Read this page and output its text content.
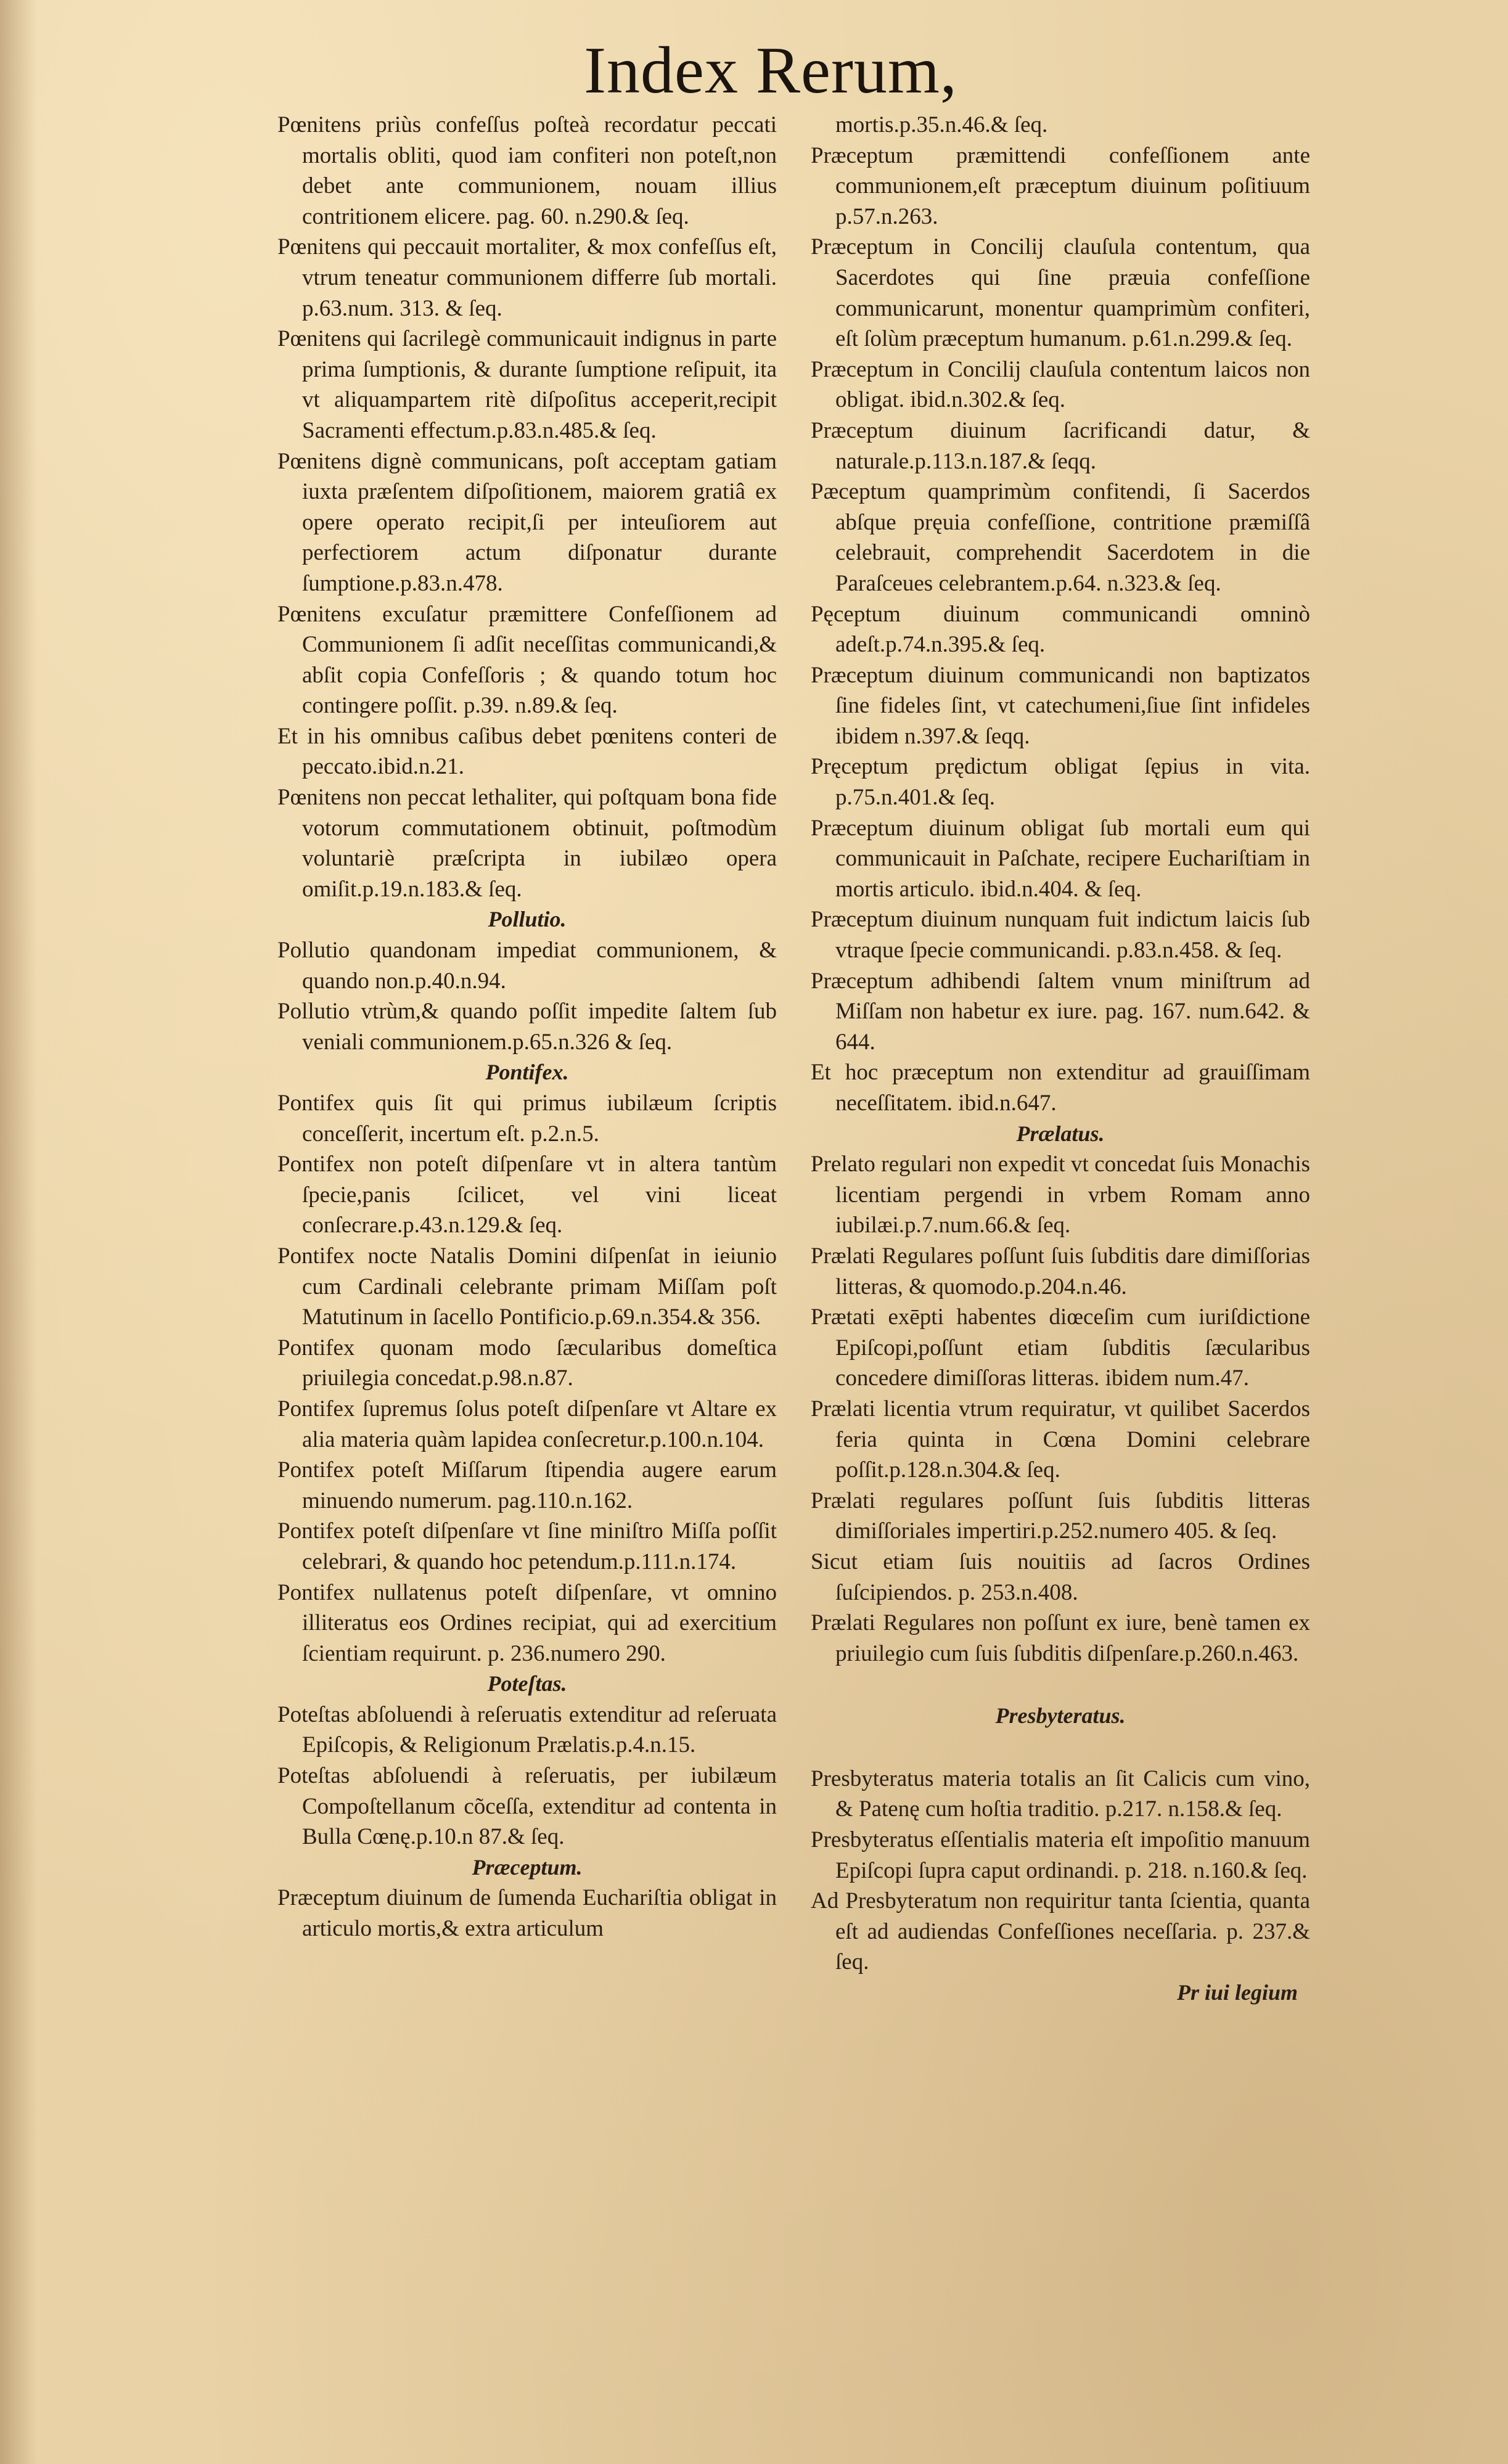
Index Rerum,

Pœnitens priùs confeſſus poſteà recordatur peccati mortalis obliti, quod iam confiteri non poteſt,non debet ante communionem, nouam illius contritionem elicere. pag. 60. n.290.& ſeq.

Pœnitens qui peccauit mortaliter, & mox confeſſus eſt, vtrum teneatur communionem differre ſub mortali. p.63.num. 313. & ſeq.

Pœnitens qui ſacrilegè communicauit indignus in parte prima ſumptionis, & durante ſumptione reſipuit, ita vt aliquampartem ritè diſpoſitus acceperit,recipit Sacramenti effectum.p.83.n.485.& ſeq.

Pœnitens dignè communicans, poſt acceptam gatiam iuxta præſentem diſpoſitionem, maiorem gratiâ ex opere operato recipit,ſi per inteuſiorem aut perfectiorem actum diſponatur durante ſumptione.p.83.n.478.

Pœnitens excuſatur præmittere Confeſſionem ad Communionem ſi adſit neceſſitas communicandi,& abſit copia Confeſſoris ; & quando totum hoc contingere poſſit. p.39. n.89.& ſeq.

Et in his omnibus caſibus debet pœnitens conteri de peccato.ibid.n.21.

Pœnitens non peccat lethaliter, qui poſtquam bona fide votorum commutationem obtinuit, poſtmodùm voluntariè præſcripta in iubilæo opera omiſit.p.19.n.183.& ſeq.

Pollutio.

Pollutio quandonam impediat communionem, & quando non.p.40.n.94.

Pollutio vtrùm,& quando poſſit impedite ſaltem ſub veniali communionem.p.65.n.326 & ſeq.

Pontifex.

Pontifex quis ſit qui primus iubilæum ſcriptis conceſſerit, incertum eſt. p.2.n.5.

Pontifex non poteſt diſpenſare vt in altera tantùm ſpecie,panis ſcilicet, vel vini liceat conſecrare.p.43.n.129.& ſeq.

Pontifex nocte Natalis Domini diſpenſat in ieiunio cum Cardinali celebrante primam Miſſam poſt Matutinum in ſacello Pontificio.p.69.n.354.& 356.

Pontifex quonam modo ſæcularibus domeſtica priuilegia concedat.p.98.n.87.

Pontifex ſupremus ſolus poteſt diſpenſare vt Altare ex alia materia quàm lapidea conſecretur.p.100.n.104.

Pontifex poteſt Miſſarum ſtipendia augere earum minuendo numerum. pag.110.n.162.

Pontifex poteſt diſpenſare vt ſine miniſtro Miſſa poſſit celebrari, & quando hoc petendum.p.111.n.174.

Pontifex nullatenus poteſt diſpenſare, vt omnino illiteratus eos Ordines recipiat, qui ad exercitium ſcientiam requirunt. p. 236.numero 290.

Poteſtas.

Poteſtas abſoluendi à reſeruatis extenditur ad reſeruata Epiſcopis, & Religionum Prælatis.p.4.n.15.

Poteſtas abſoluendi à reſeruatis, per iubilæum Compoſtellanum cõceſſa, extenditur ad contenta in Bulla Cœnę.p.10.n 87.& ſeq.

Præceptum.

Præceptum diuinum de ſumenda Euchariſtia obligat in articulo mortis,& extra articulum

mortis.p.35.n.46.& ſeq.

Præceptum præmittendi confeſſionem ante communionem,eſt præceptum diuinum poſitiuum p.57.n.263.

Præceptum in Concilij clauſula contentum, qua Sacerdotes qui ſine præuia confeſſione communicarunt, monentur quamprimùm confiteri, eſt ſolùm præceptum humanum. p.61.n.299.& ſeq.

Præceptum in Concilij clauſula contentum laicos non obligat. ibid.n.302.& ſeq.

Præceptum diuinum ſacrificandi datur, & naturale.p.113.n.187.& ſeqq.

Pæceptum quamprimùm confitendi, ſi Sacerdos abſque pręuia confeſſione, contritione præmiſſâ celebrauit, comprehendit Sacerdotem in die Paraſceues celebrantem.p.64. n.323.& ſeq.

Pęceptum diuinum communicandi omninò adeſt.p.74.n.395.& ſeq.

Præceptum diuinum communicandi non baptizatos ſine fideles ſint, vt catechumeni,ſiue ſint infideles ibidem n.397.& ſeqq.

Pręceptum prędictum obligat ſępius in vita. p.75.n.401.& ſeq.

Præceptum diuinum obligat ſub mortali eum qui communicauit in Paſchate, recipere Euchariſtiam in mortis articulo. ibid.n.404. & ſeq.

Præceptum diuinum nunquam fuit indictum laicis ſub vtraque ſpecie communicandi. p.83.n.458. & ſeq.

Præceptum adhibendi ſaltem vnum miniſtrum ad Miſſam non habetur ex iure. pag. 167. num.642. & 644.

Et hoc præceptum non extenditur ad grauiſſimam neceſſitatem. ibid.n.647.

Prælatus.

Prelato regulari non expedit vt concedat ſuis Monachis licentiam pergendi in vrbem Romam anno iubilæi.p.7.num.66.& ſeq.

Prælati Regulares poſſunt ſuis ſubditis dare dimiſſorias litteras, & quomodo.p.204.n.46.

Prætati exēpti habentes diœceſim cum iuriſdictione Epiſcopi,poſſunt etiam ſubditis ſæcularibus concedere dimiſſoras litteras. ibidem num.47.

Prælati licentia vtrum requiratur, vt quilibet Sacerdos feria quinta in Cœna Domini celebrare poſſit.p.128.n.304.& ſeq.

Prælati regulares poſſunt ſuis ſubditis litteras dimiſſoriales impertiri.p.252.numero 405. & ſeq.

Sicut etiam ſuis nouitiis ad ſacros Ordines ſuſcipiendos. p. 253.n.408.

Prælati Regulares non poſſunt ex iure, benè tamen ex priuilegio cum ſuis ſubditis diſpenſare.p.260.n.463.

Presbyteratus.

Presbyteratus materia totalis an ſit Calicis cum vino, & Patenę cum hoſtia traditio. p.217. n.158.& ſeq.

Presbyteratus eſſentialis materia eſt impoſitio manuum Epiſcopi ſupra caput ordinandi. p. 218. n.160.& ſeq.

Ad Presbyteratum non requiritur tanta ſcientia, quanta eſt ad audiendas Confeſſiones neceſſaria. p. 237.& ſeq.

Pr iui legium
